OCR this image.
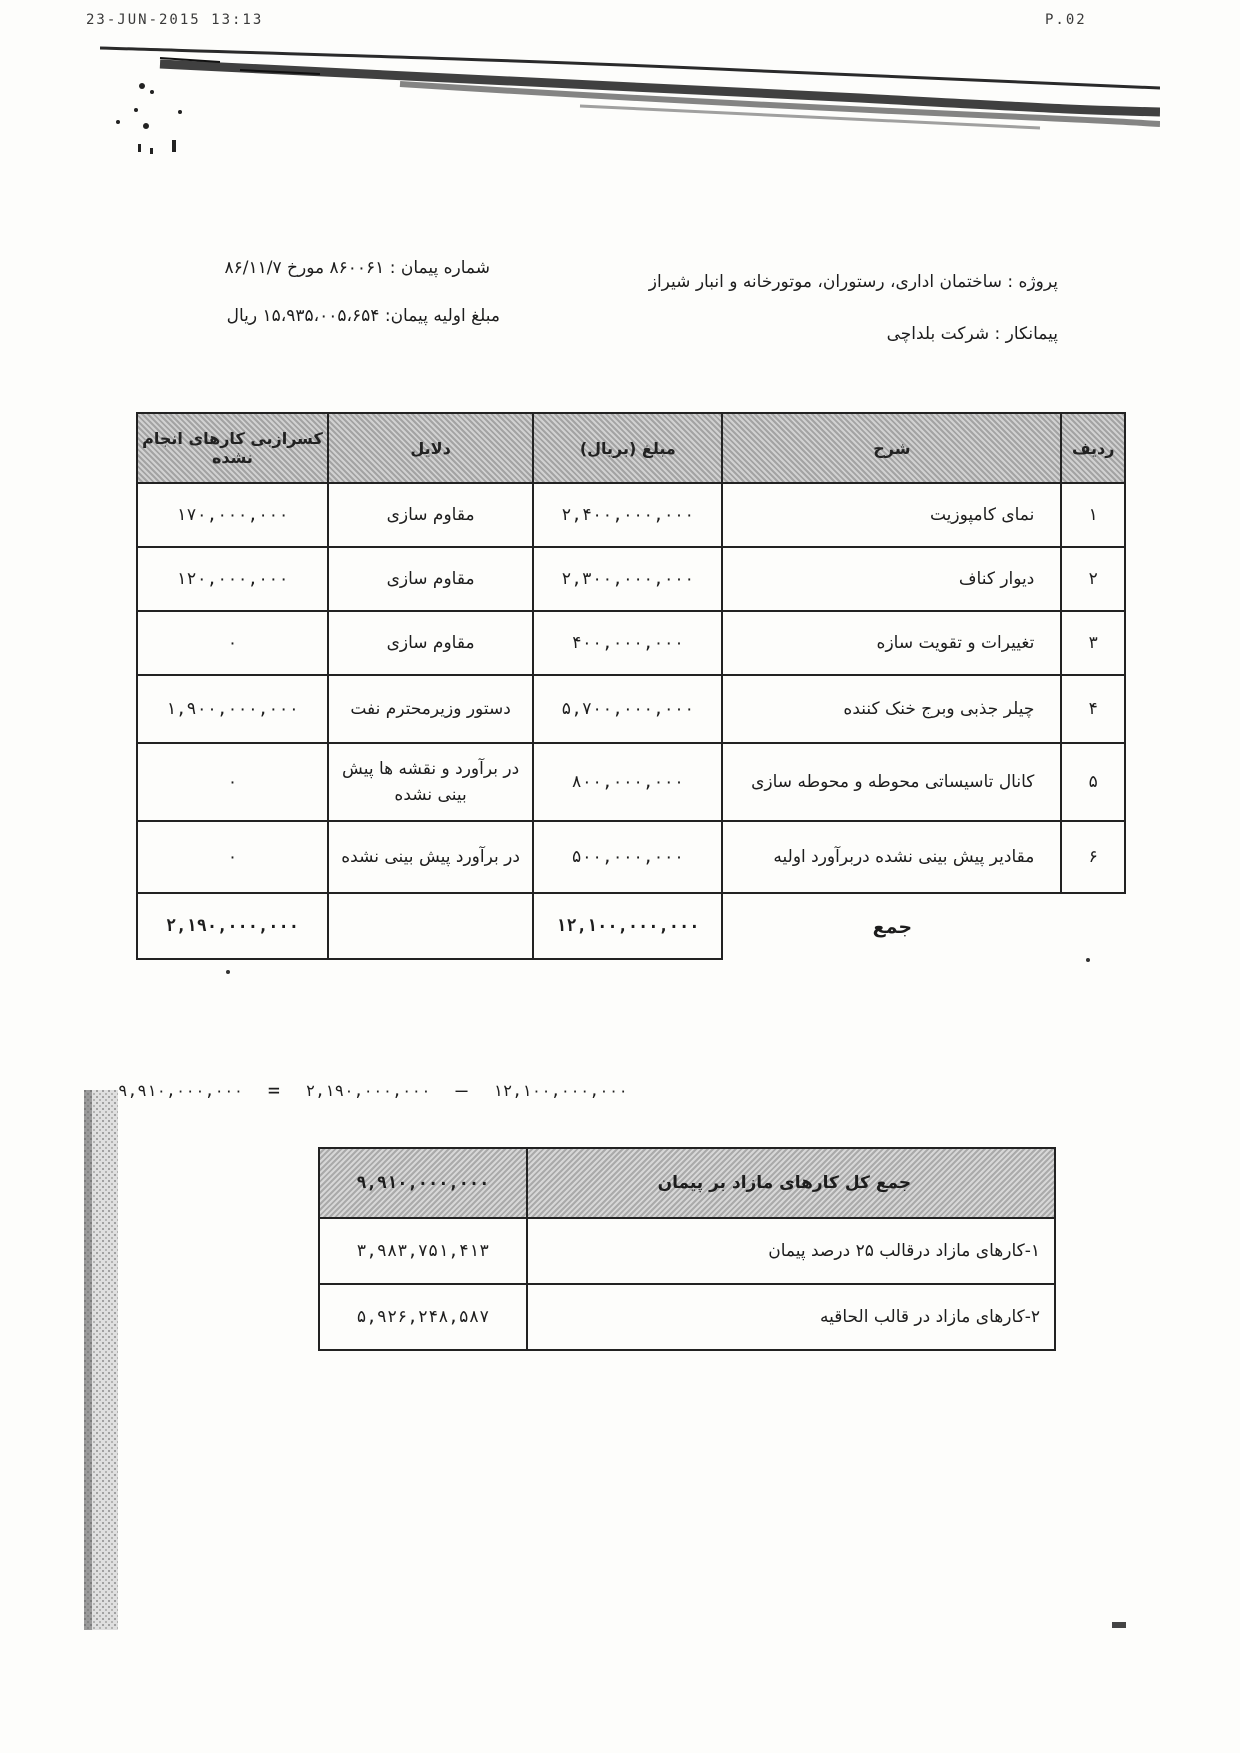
23-JUN-2015 13:13	P.02
شماره پیمان : ۸۶۰۰۶۱ مورخ ۸۶/۱۱/۷
مبلغ اولیه پیمان: ۱۵،۹۳۵،۰۰۵،۶۵۴ ریال
پروژه : ساختمان اداری، رستوران، موتورخانه و انبار شیراز
پیمانکار : شرکت بلداچی
ردیف	شرح	مبلغ (بریال)	دلایل	کسرازبی کارهای انجام نشده
۱	نمای کامپوزیت	۲,۴۰۰,۰۰۰,۰۰۰	مقاوم سازی	۱۷۰,۰۰۰,۰۰۰
۲	دیوار کناف	۲,۳۰۰,۰۰۰,۰۰۰	مقاوم سازی	۱۲۰,۰۰۰,۰۰۰
۳	تغییرات و تقویت سازه	۴۰۰,۰۰۰,۰۰۰	مقاوم سازی	۰
۴	چیلر جذبی وبرج خنک کننده	۵,۷۰۰,۰۰۰,۰۰۰	دستور وزیرمحترم نفت	۱,۹۰۰,۰۰۰,۰۰۰
۵	کانال تاسیساتی محوطه و محوطه سازی	۸۰۰,۰۰۰,۰۰۰	در برآورد و نقشه ها پیش بینی نشده	۰
۶	مقادیر پیش بینی نشده دربرآورد اولیه	۵۰۰,۰۰۰,۰۰۰	در برآورد پیش بینی نشده	۰
	جمع	۱۲,۱۰۰,۰۰۰,۰۰۰		۲,۱۹۰,۰۰۰,۰۰۰
۹,۹۱۰,۰۰۰,۰۰۰ = ۲,۱۹۰,۰۰۰,۰۰۰ — ۱۲,۱۰۰,۰۰۰,۰۰۰
جمع کل کارهای مازاد بر پیمان	۹,۹۱۰,۰۰۰,۰۰۰
۱-کارهای مازاد درقالب ۲۵ درصد پیمان	۳,۹۸۳,۷۵۱,۴۱۳
۲-کارهای مازاد در قالب الحاقیه	۵,۹۲۶,۲۴۸,۵۸۷
